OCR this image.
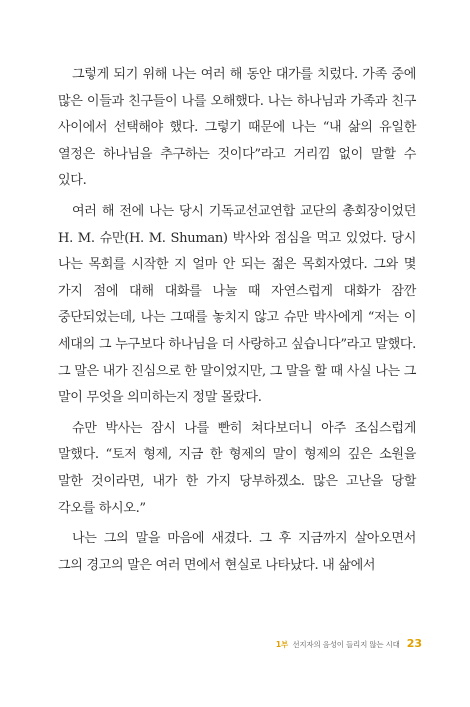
그렇게 되기 위해 나는 여러 해 동안 대가를 치렀다. 가족 중에 많은 이들과 친구들이 나를 오해했다. 나는 하나님과 가족과 친구 사이에서 선택해야 했다. 그렇기 때문에 나는 “내 삶의 유일한 열정은 하나님을 추구하는 것이다”라고 거리낌 없이 말할 수 있다.

여러 해 전에 나는 당시 기독교선교연합 교단의 총회장이었던 H. M. 슈만(H. M. Shuman) 박사와 점심을 먹고 있었다. 당시 나는 목회를 시작한 지 얼마 안 되는 젊은 목회자였다. 그와 몇 가지 점에 대해 대화를 나눌 때 자연스럽게 대화가 잠깐 중단되었는데, 나는 그때를 놓치지 않고 슈만 박사에게 “저는 이 세대의 그 누구보다 하나님을 더 사랑하고 싶습니다”라고 말했다. 그 말은 내가 진심으로 한 말이었지만, 그 말을 할 때 사실 나는 그 말이 무엇을 의미하는지 정말 몰랐다.

슈만 박사는 잠시 나를 빤히 쳐다보더니 아주 조심스럽게 말했다. “토저 형제, 지금 한 형제의 말이 형제의 깊은 소원을 말한 것이라면, 내가 한 가지 당부하겠소. 많은 고난을 당할 각오를 하시오.”

나는 그의 말을 마음에 새겼다. 그 후 지금까지 살아오면서 그의 경고의 말은 여러 면에서 현실로 나타났다. 내 삶에서

1부 선지자의 음성이 들리지 않는 시대 23
